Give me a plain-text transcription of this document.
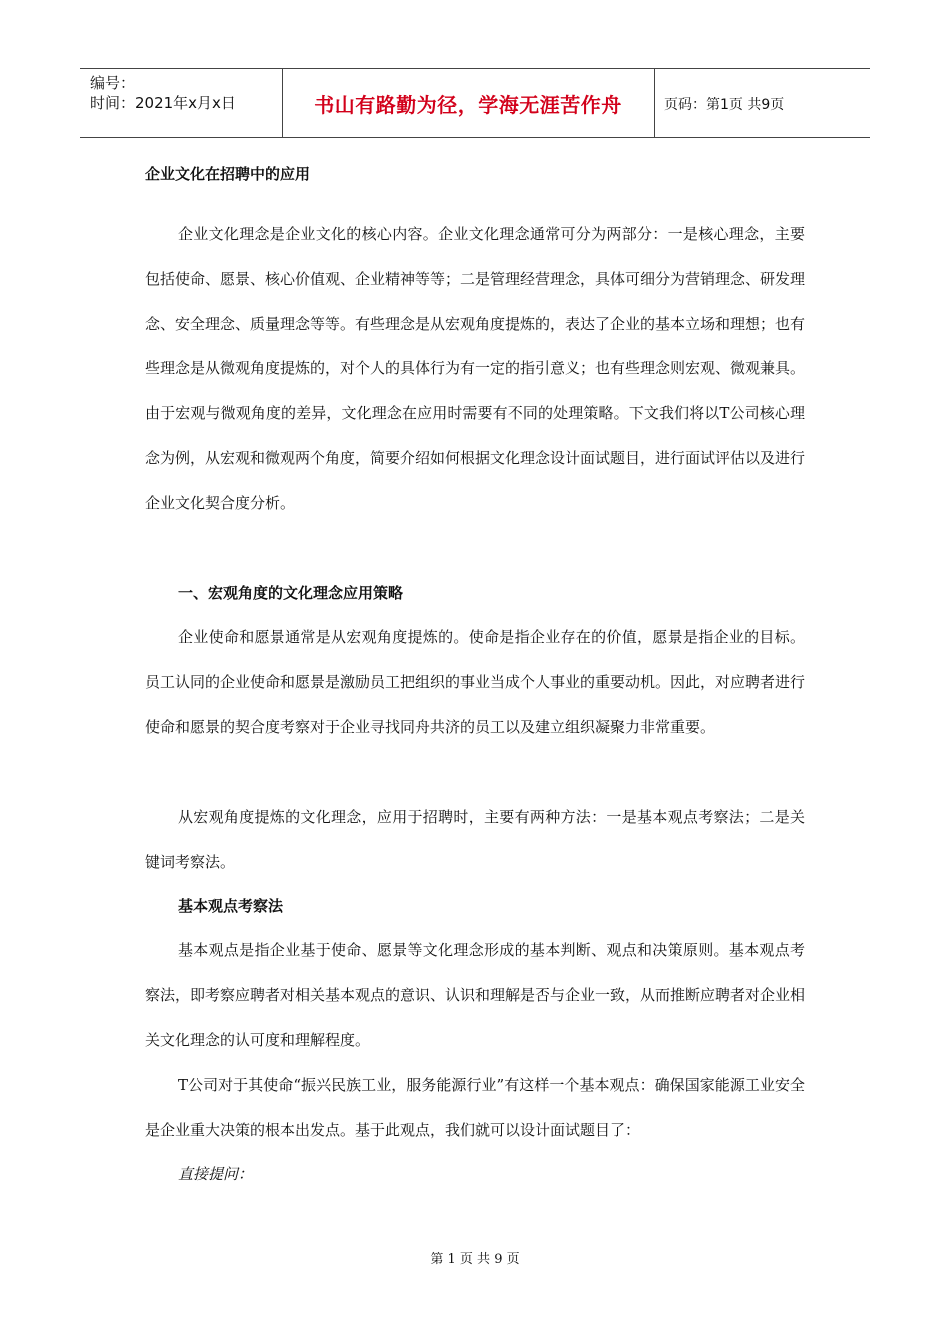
编号：
时间：2021年x月x日	书山有路勤为径，学海无涯苦作舟	页码：第1页 共9页
企业文化在招聘中的应用
企业文化理念是企业文化的核心内容。企业文化理念通常可分为两部分：一是核心理念，主要包括使命、愿景、核心价值观、企业精神等等；二是管理经营理念，具体可细分为营销理念、研发理念、安全理念、质量理念等等。有些理念是从宏观角度提炼的，表达了企业的基本立场和理想；也有些理念是从微观角度提炼的，对个人的具体行为有一定的指引意义；也有些理念则宏观、微观兼具。由于宏观与微观角度的差异，文化理念在应用时需要有不同的处理策略。下文我们将以T公司核心理念为例，从宏观和微观两个角度，简要介绍如何根据文化理念设计面试题目，进行面试评估以及进行企业文化契合度分析。
一、宏观角度的文化理念应用策略
企业使命和愿景通常是从宏观角度提炼的。使命是指企业存在的价值，愿景是指企业的目标。员工认同的企业使命和愿景是激励员工把组织的事业当成个人事业的重要动机。因此，对应聘者进行使命和愿景的契合度考察对于企业寻找同舟共济的员工以及建立组织凝聚力非常重要。
从宏观角度提炼的文化理念，应用于招聘时，主要有两种方法：一是基本观点考察法；二是关键词考察法。
基本观点考察法
基本观点是指企业基于使命、愿景等文化理念形成的基本判断、观点和决策原则。基本观点考察法，即考察应聘者对相关基本观点的意识、认识和理解是否与企业一致，从而推断应聘者对企业相关文化理念的认可度和理解程度。
T公司对于其使命“振兴民族工业，服务能源行业”有这样一个基本观点：确保国家能源工业安全是企业重大决策的根本出发点。基于此观点，我们就可以设计面试题目了：
直接提问：
第 1 页 共 9 页
